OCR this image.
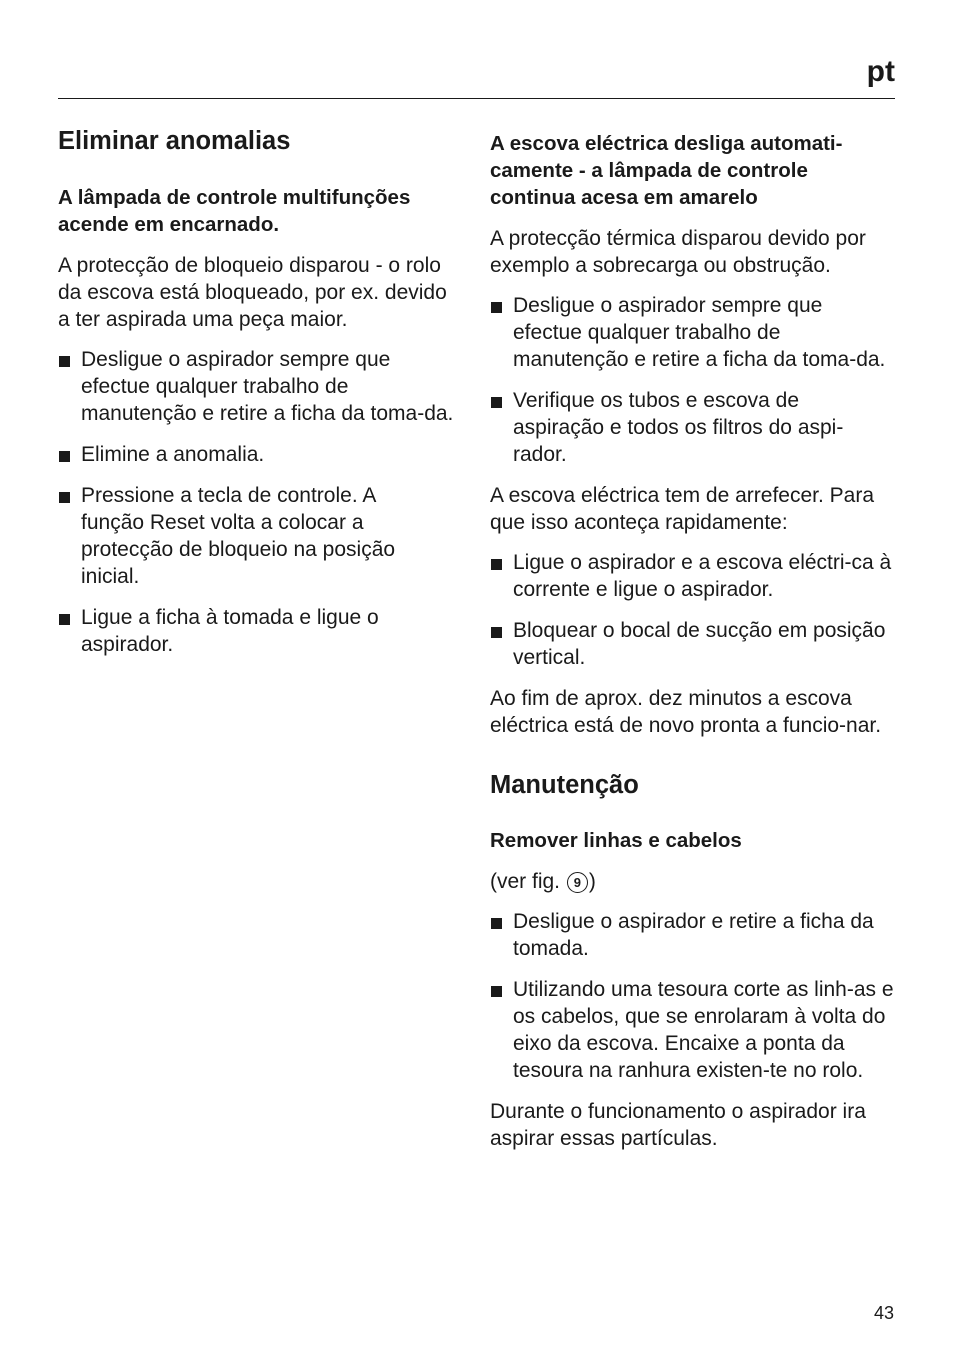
pt
Eliminar anomalias
A lâmpada de controle multifunções acende em encarnado.

A protecção de bloqueio disparou - o rolo da escova está bloqueado, por ex. devido a ter aspirada uma peça maior.

Desligue o aspirador sempre que efectue qualquer trabalho de manutenção e retire a ficha da toma-da.
Elimine a anomalia.
Pressione a tecla de controle. A função Reset volta a colocar a protecção de bloqueio na posição inicial.
Ligue a ficha à tomada e ligue o aspirador.
A escova eléctrica desliga automati-camente - a lâmpada de controle continua acesa em amarelo

A protecção térmica disparou devido por exemplo a sobrecarga ou obstrução.

Desligue o aspirador sempre que efectue qualquer trabalho de manutenção e retire a ficha da toma-da.
Verifique os tubos e escova de aspiração e todos os filtros do aspi-rador.

A escova eléctrica tem de arrefecer. Para que isso aconteça rapidamente:

Ligue o aspirador e a escova eléctri-ca à corrente e ligue o aspirador.
Bloquear o bocal de sucção em posição vertical.

Ao fim de aprox. dez minutos a escova eléctrica está de novo pronta a funcio-nar.

Manutenção
Remover linhas e cabelos

(ver fig. 9 )

Desligue o aspirador e retire a ficha da tomada.
Utilizando uma tesoura corte as linh-as e os cabelos, que se enrolaram à volta do eixo da escova. Encaixe a ponta da tesoura na ranhura existen-te no rolo.

Durante o funcionamento o aspirador ira aspirar essas partículas.

43
